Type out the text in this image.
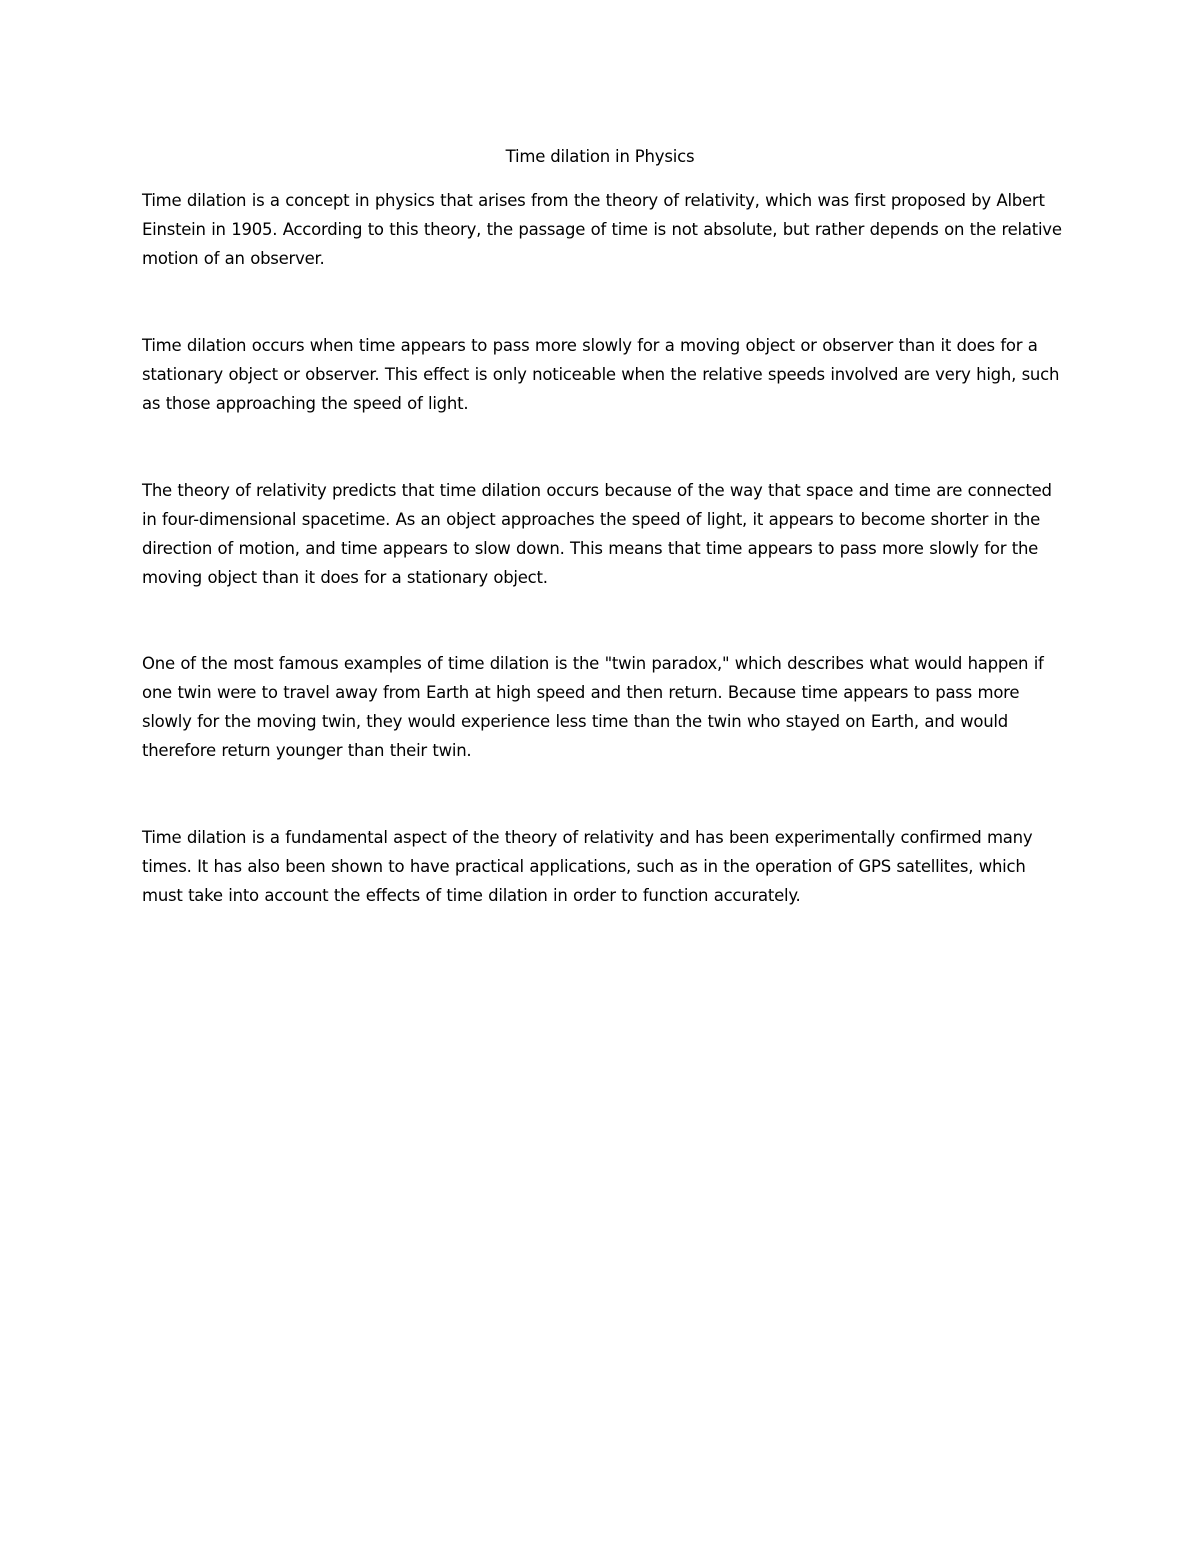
Time dilation in Physics

Time dilation is a concept in physics that arises from the theory of relativity, which was first proposed by Albert Einstein in 1905. According to this theory, the passage of time is not absolute, but rather depends on the relative motion of an observer.

Time dilation occurs when time appears to pass more slowly for a moving object or observer than it does for a stationary object or observer. This effect is only noticeable when the relative speeds involved are very high, such as those approaching the speed of light.

The theory of relativity predicts that time dilation occurs because of the way that space and time are connected in four-dimensional spacetime. As an object approaches the speed of light, it appears to become shorter in the direction of motion, and time appears to slow down. This means that time appears to pass more slowly for the moving object than it does for a stationary object.

One of the most famous examples of time dilation is the "twin paradox," which describes what would happen if one twin were to travel away from Earth at high speed and then return. Because time appears to pass more slowly for the moving twin, they would experience less time than the twin who stayed on Earth, and would therefore return younger than their twin.

Time dilation is a fundamental aspect of the theory of relativity and has been experimentally confirmed many times. It has also been shown to have practical applications, such as in the operation of GPS satellites, which must take into account the effects of time dilation in order to function accurately.
